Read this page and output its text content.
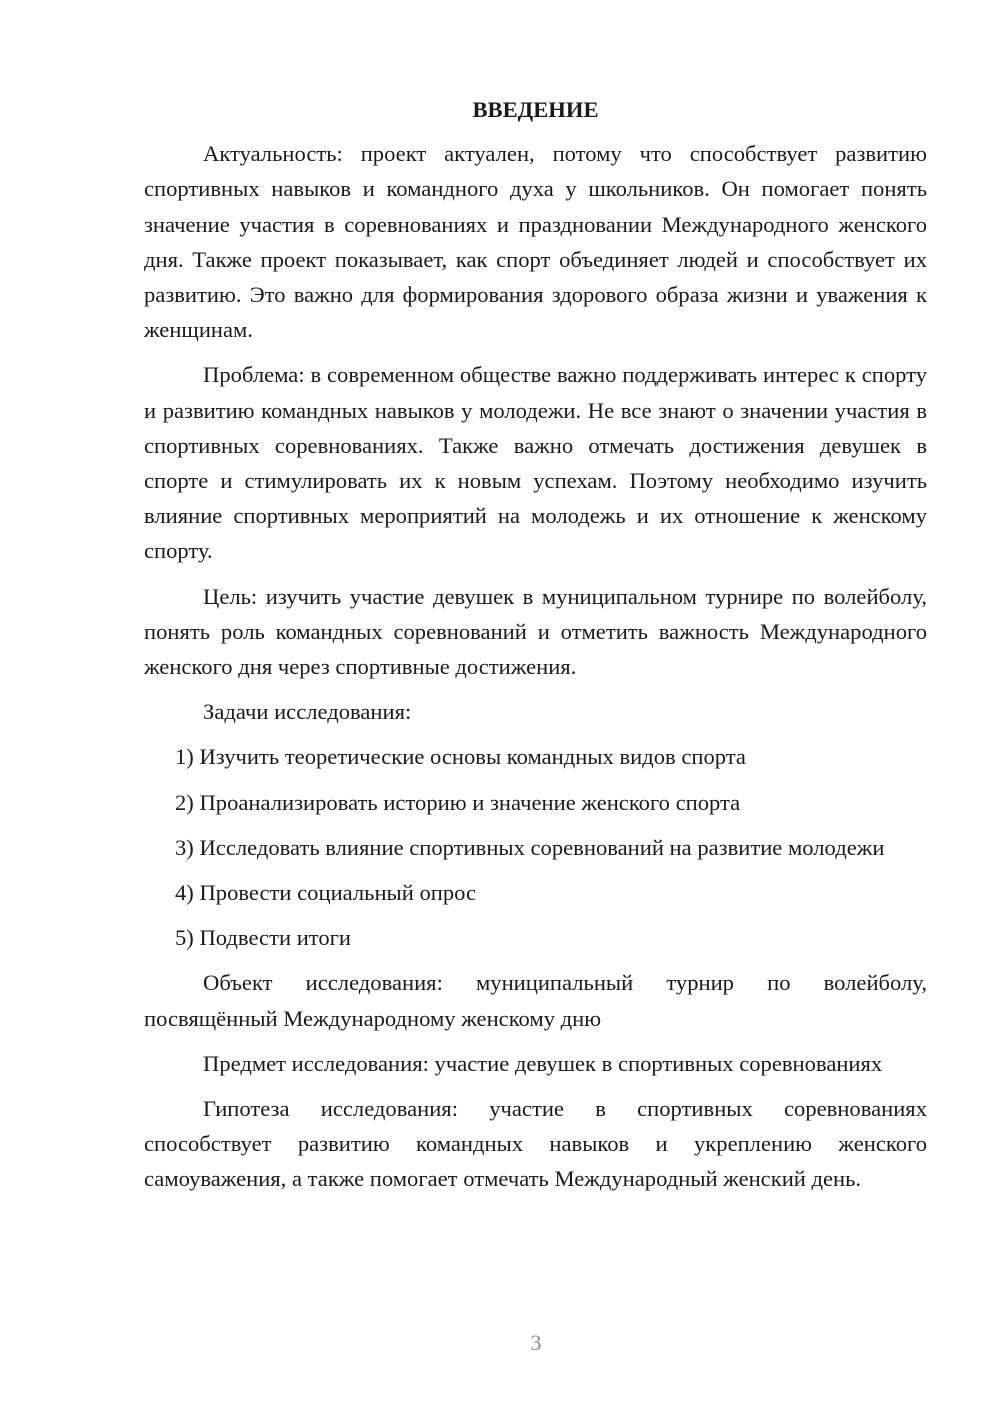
ВВЕДЕНИЕ

Актуальность: проект актуален, потому что способствует развитию спортивных навыков и командного духа у школьников. Он помогает понять значение участия в соревнованиях и праздновании Международного женского дня. Также проект показывает, как спорт объединяет людей и способствует их развитию. Это важно для формирования здорового образа жизни и уважения к женщинам.

Проблема: в современном обществе важно поддерживать интерес к спорту и развитию командных навыков у молодежи. Не все знают о значении участия в спортивных соревнованиях. Также важно отмечать достижения девушек в спорте и стимулировать их к новым успехам. Поэтому необходимо изучить влияние спортивных мероприятий на молодежь и их отношение к женскому спорту.

Цель: изучить участие девушек в муниципальном турнире по волейболу, понять роль командных соревнований и отметить важность Международного женского дня через спортивные достижения.

Задачи исследования:

1) Изучить теоретические основы командных видов спорта

2) Проанализировать историю и значение женского спорта

3) Исследовать влияние спортивных соревнований на развитие молодежи

4) Провести социальный опрос

5) Подвести итоги

Объект исследования: муниципальный турнир по волейболу, посвящённый Международному женскому дню

Предмет исследования: участие девушек в спортивных соревнованиях

Гипотеза исследования: участие в спортивных соревнованиях способствует развитию командных навыков и укреплению женского самоуважения, а также помогает отмечать Международный женский день.

3
